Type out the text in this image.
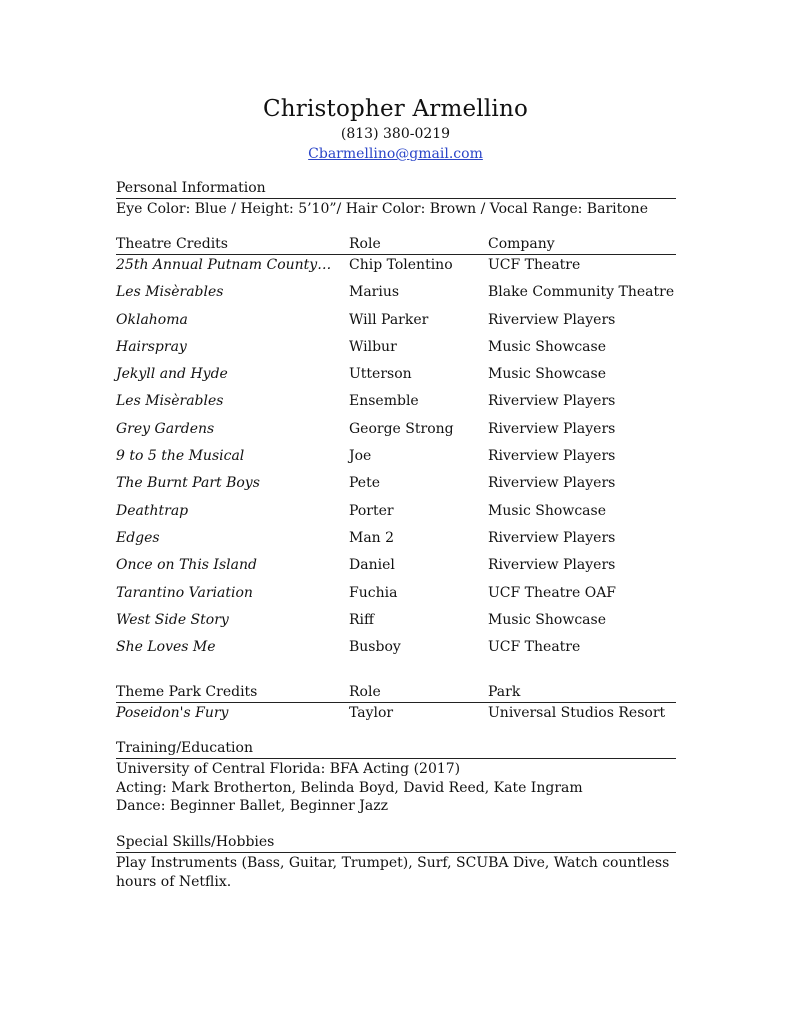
Christopher Armellino
(813) 380-0219
Cbarmellino@gmail.com
Personal Information
Eye Color: Blue / Height: 5’10”/ Hair Color: Brown / Vocal Range: Baritone
Theatre Credits	Role	Company
25th Annual Putnam County…	Chip Tolentino	UCF Theatre
Les Misèrables	Marius	Blake Community Theatre
Oklahoma	Will Parker	Riverview Players
Hairspray	Wilbur	Music Showcase
Jekyll and Hyde	Utterson	Music Showcase
Les Misèrables	Ensemble	Riverview Players
Grey Gardens	George Strong	Riverview Players
9 to 5 the Musical	Joe	Riverview Players
The Burnt Part Boys	Pete	Riverview Players
Deathtrap	Porter	Music Showcase
Edges	Man 2	Riverview Players
Once on This Island	Daniel	Riverview Players
Tarantino Variation	Fuchia	UCF Theatre OAF
West Side Story	Riff	Music Showcase
She Loves Me	Busboy	UCF Theatre
Theme Park Credits	Role	Park
Poseidon's Fury	Taylor	Universal Studios Resort
Training/Education
University of Central Florida: BFA Acting (2017)
Acting: Mark Brotherton, Belinda Boyd, David Reed, Kate Ingram
Dance: Beginner Ballet, Beginner Jazz
Special Skills/Hobbies
Play Instruments (Bass, Guitar, Trumpet), Surf, SCUBA Dive, Watch countless hours of Netflix.
